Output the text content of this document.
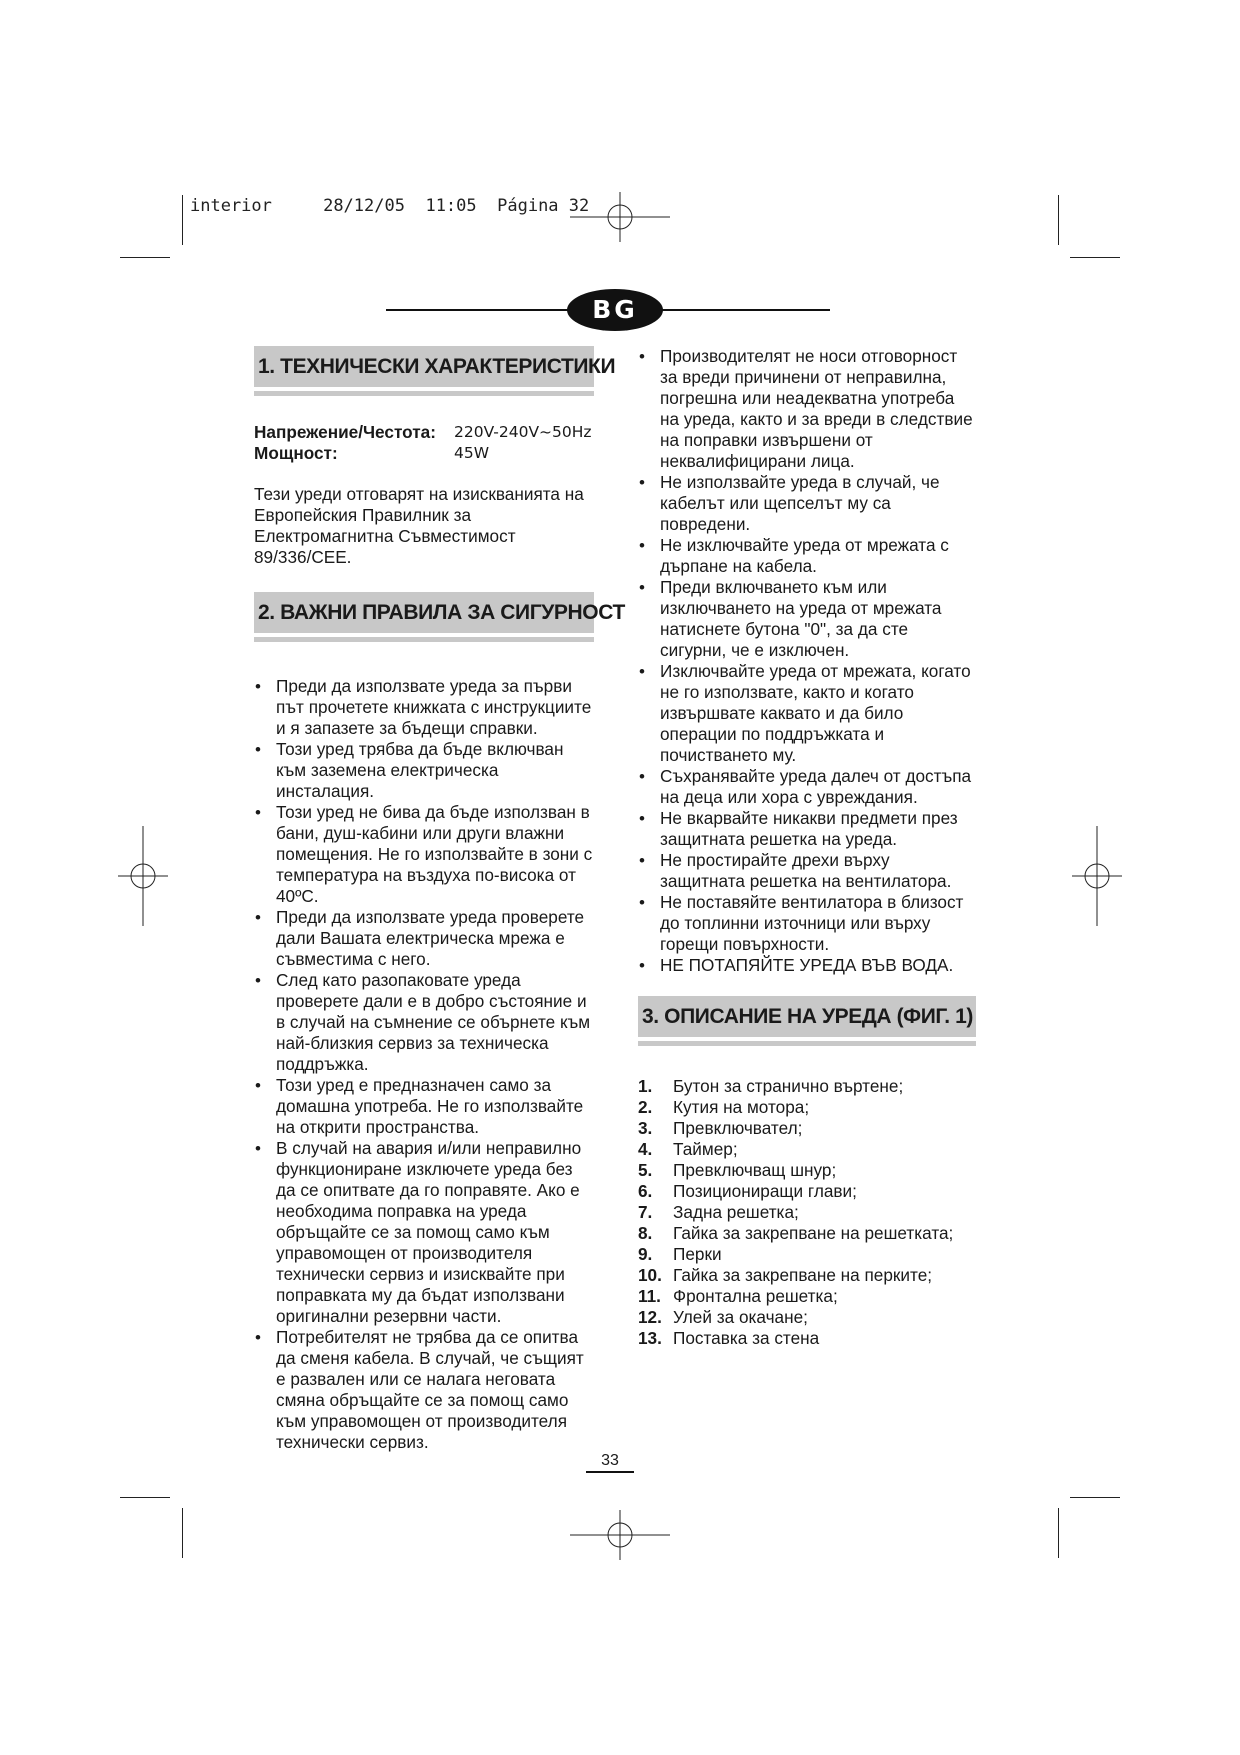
interior	28/12/05 11:05 Página 32
BG
1. ТЕХНИЧЕСКИ ХАРАКТЕРИСТИКИ
Напрежение/Честота:	220V-240V~50Hz
Мощност:	45W

Тези уреди отговарят на изискванията на Европейския Правилник за Електромагнитна Съвместимост 89/336/CEE.

2. ВАЖНИ ПРАВИЛА ЗА СИГУРНОСТ
• Преди да използвате уреда за първи път прочетете книжката с инструкциите и я запазете за бъдещи справки.
• Този уред трябва да бъде включван към заземена електрическа инсталация.
• Този уред не бива да бъде използван в бани, душ-кабини или други влажни помещения. Не го използвайте в зони с температура на въздуха по-висока от 40ºC.
• Преди да използвате уреда проверете дали Вашата електрическа мрежа е съвместима с него.
• След като разопаковате уреда проверете дали е в добро състояние и в случай на съмнение се обърнете към най-близкия сервиз за техническа поддръжка.
• Този уред е предназначен само за домашна употреба. Не го използвайте на открити пространства.
• В случай на авария и/или неправилно функциониране изключете уреда без да се опитвате да го поправяте. Ако е необходима поправка на уреда обръщайте се за помощ само към упpавомощен от производителя технически сервиз и изисквайте при поправката му да бъдат използвани оригинални резервни части.
• Потребителят не трябва да се опитва да сменя кабела. В случай, че същият е развален или се налага неговата смяна обръщайте се за помощ само към упpавомощен от производителя технически сервиз.
• Производителят не носи отговорност за вреди причинени от неправилна, погрешна или неадекватна употреба на уреда, както и за вреди в следствие на поправки извършени от неквалифицирани лица.
• Не използвайте уреда в случай, че кабелът или щепселът му са повредени.
• Не изключвайте уреда от мрежата с дърпане на кабела.
• Преди включването към или изключването на уреда от мрежата натиснете бутона "0", за да сте сигурни, че е изключен.
• Изключвайте уреда от мрежата, когато не го използвате, както и когато извършвате каквато и да било операции по поддръжката и почистването му.
• Съхранявайте уреда далеч от достъпа на деца или хора с увреждания.
• Не вкарвайте никакви предмети през защитната решетка на уреда.
• Не простирайте дрехи върху защитната решетка на вентилатора.
• Не поставяйте вентилатора в близост до топлинни източници или върху горещи повърхности.
• НЕ ПОТАПЯЙТЕ УРЕДА ВЪВ ВОДА.
3. ОПИСАНИЕ НА УРЕДА (ФИГ. 1)
1.	Бутон за странично въртене;
2.	Кутия на мотора;
3.	Превключвател;
4.	Таймер;
5.	Превключващ шнур;
6.	Позициониращи глави;
7.	Задна решетка;
8.	Гайка за закрепване на решетката;
9.	Перки
10. Гайка за закрепване на перките;
11. Фронтална решетка;
12. Улей за окачане;
13. Поставка за стена
33
